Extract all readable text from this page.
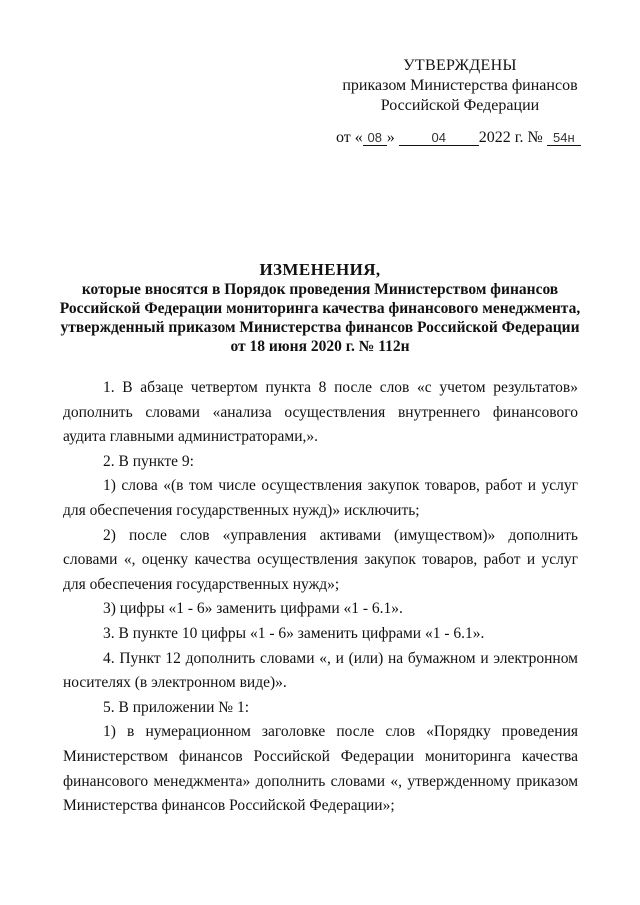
УТВЕРЖДЕНЫ
приказом Министерства финансов
Российской Федерации
от « 08 »	04 2022 г. № 54н
ИЗМЕНЕНИЯ,
которые вносятся в Порядок проведения Министерством финансов
Российской Федерации мониторинга качества финансового менеджмента,
утвержденный приказом Министерства финансов Российской Федерации
от 18 июня 2020 г. № 112н

1. В абзаце четвертом пункта 8 после слов «с учетом результатов» дополнить словами «анализа осуществления внутреннего финансового аудита главными администраторами,».

2. В пункте 9:

1) слова «(в том числе осуществления закупок товаров, работ и услуг для обеспечения государственных нужд)» исключить;

2) после слов «управления активами (имуществом)» дополнить словами «, оценку качества осуществления закупок товаров, работ и услуг для обеспечения государственных нужд»;

3) цифры «1 - 6» заменить цифрами «1 - 6.1».

3. В пункте 10 цифры «1 - 6» заменить цифрами «1 - 6.1».

4. Пункт 12 дополнить словами «, и (или) на бумажном и электронном носителях (в электронном виде)».

5. В приложении № 1:

1) в нумерационном заголовке после слов «Порядку проведения Министерством финансов Российской Федерации мониторинга качества финансового менеджмента» дополнить словами «, утвержденному приказом Министерства финансов Российской Федерации»;
